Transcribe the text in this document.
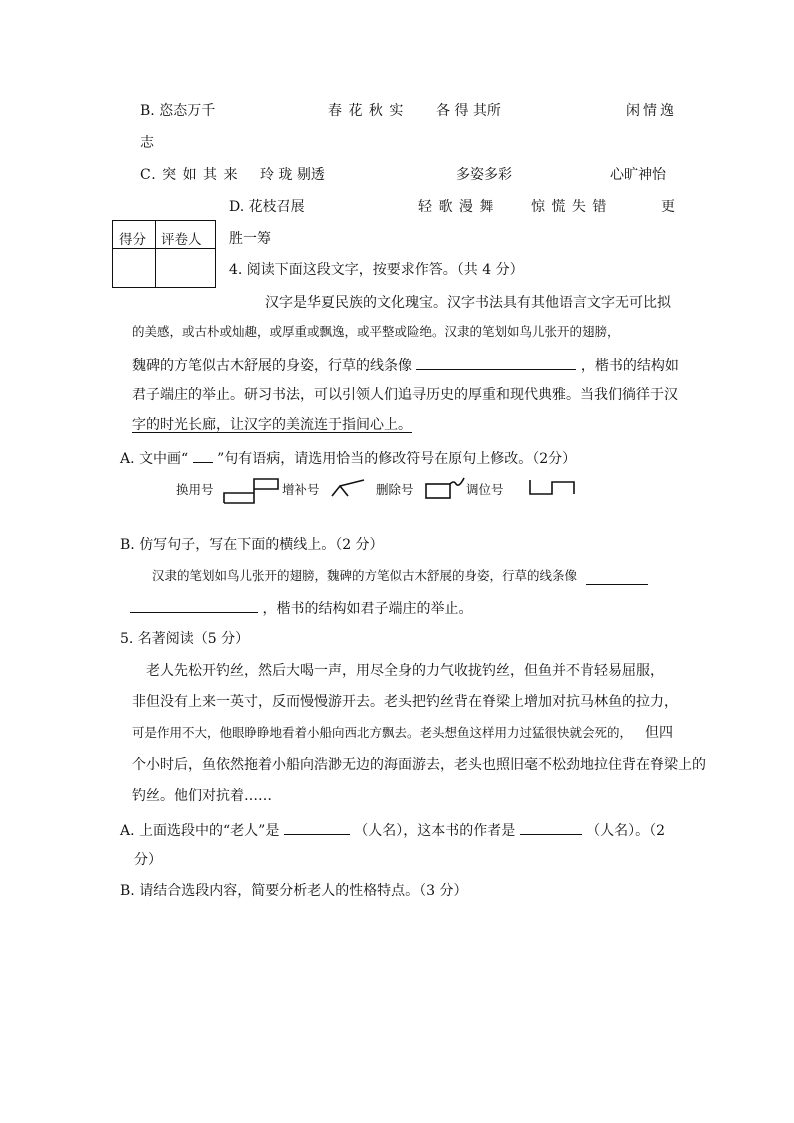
B. 恣态万千	春 花 秋 实 各 得 其所	闲情逸
志
C. 突 如 其 来 玲 珑 剔透	多姿多彩	心旷神怡
D. 花枝召展	轻 歌 漫 舞	惊 慌 失 错	更
胜一筹
得分 评卷人
4. 阅读下面这段文字，按要求作答。（共 4 分）
汉字是华夏民族的文化瑰宝。汉字书法具有其他语言文字无可比拟
的美感，或古朴或灿趣，或厚重或飘逸，或平整或险绝。汉隶的笔划如鸟儿张开的翅膀，
魏碑的方笔似古木舒展的身姿，行草的线条像	，楷书的结构如
君子端庄的举止。研习书法，可以引领人们追寻历史的厚重和现代典雅。当我们徜徉于汉
字的时光长廊，让汉字的美流连于指间心上。
A. 文中画“ ”句有语病，请选用恰当的修改符号在原句上修改。（2分）
换用号	增补号	删除号	调位号
B. 仿写句子，写在下面的横线上。（2 分）
汉隶的笔划如鸟儿张开的翅膀，魏碑的方笔似古木舒展的身姿，行草的线条像
，楷书的结构如君子端庄的举止。
5. 名著阅读（5 分）
老人先松开钓丝，然后大喝一声，用尽全身的力气收拢钓丝，但鱼并不肯轻易屈服，
非但没有上来一英寸，反而慢慢游开去。老头把钓丝背在脊梁上增加对抗马林鱼的拉力，
可是作用不大，他眼睁睁地看着小船向西北方飘去。老头想鱼这样用力过猛很快就会死的， 但四
个小时后，鱼依然拖着小船向浩渺无边的海面游去，老头也照旧毫不松劲地拉住背在脊梁上的
钓丝。他们对抗着……
A. 上面选段中的“老人”是	（人名），这本书的作者是	（人名）。（2
分）
B. 请结合选段内容，简要分析老人的性格特点。（3 分）
